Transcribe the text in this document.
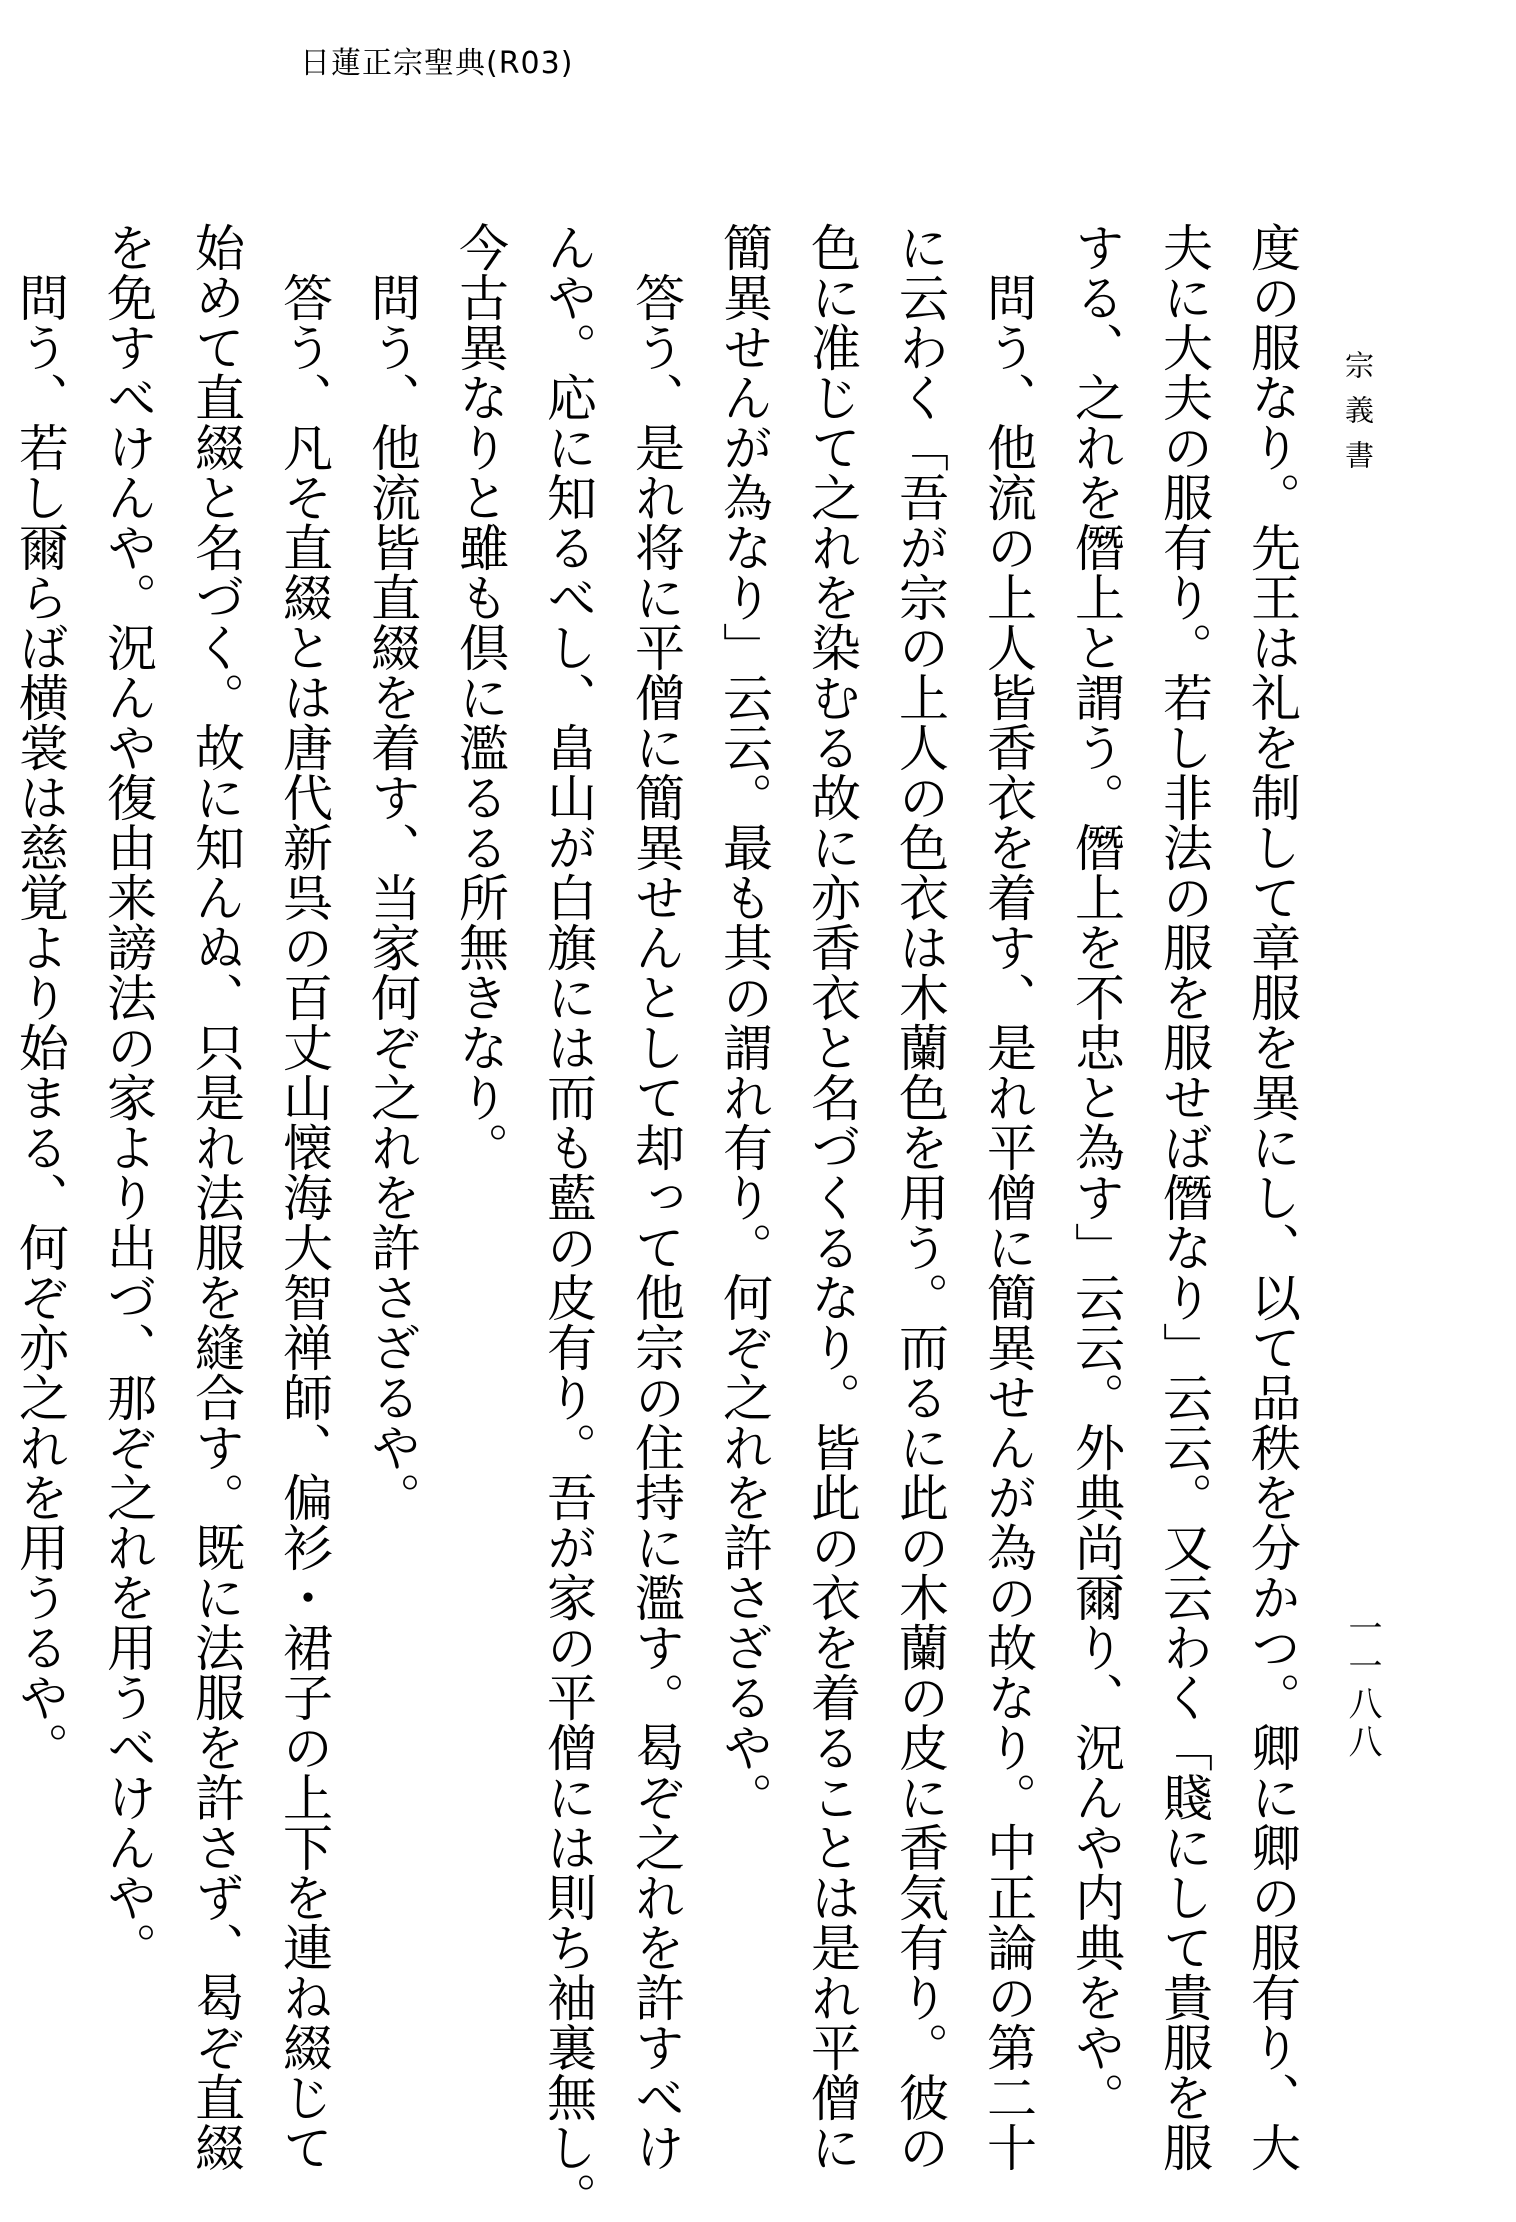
日蓮正宗聖典(R03)
宗義書
一一八八
度の服なり。先王は礼を制して章服を異にし、以て品秩を分かつ。卿に卿の服有り、大
夫に大夫の服有り。若し非法の服を服せば僭なり」云云。又云わく「賤にして貴服を服
する、之れを僭上と謂う。僭上を不忠と為す」云云。外典尚爾り、況んや内典をや。
問う、他流の上人皆香衣を着す、是れ平僧に簡異せんが為の故なり。中正論の第二十
に云わく「吾が宗の上人の色衣は木蘭色を用う。而るに此の木蘭の皮に香気有り。彼の
色に准じて之れを染むる故に亦香衣と名づくるなり。皆此の衣を着ることは是れ平僧に
簡異せんが為なり」云云。最も其の謂れ有り。何ぞ之れを許さざるや。
答う、是れ将に平僧に簡異せんとして却って他宗の住持に濫す。曷ぞ之れを許すべけ
んや。応に知るべし、畠山が白旗には而も藍の皮有り。吾が家の平僧には則ち袖裏無し。
今古異なりと雖も倶に濫るる所無きなり。
問う、他流皆直綴を着す、当家何ぞ之れを許さざるや。
答う、凡そ直綴とは唐代新呉の百丈山懐海大智禅師、偏衫・裙子の上下を連ね綴じて
始めて直綴と名づく。故に知んぬ、只是れ法服を縫合す。既に法服を許さず、曷ぞ直綴
を免すべけんや。況んや復由来謗法の家より出づ、那ぞ之れを用うべけんや。
問う、若し爾らば横裳は慈覚より始まる、何ぞ亦之れを用うるや。
